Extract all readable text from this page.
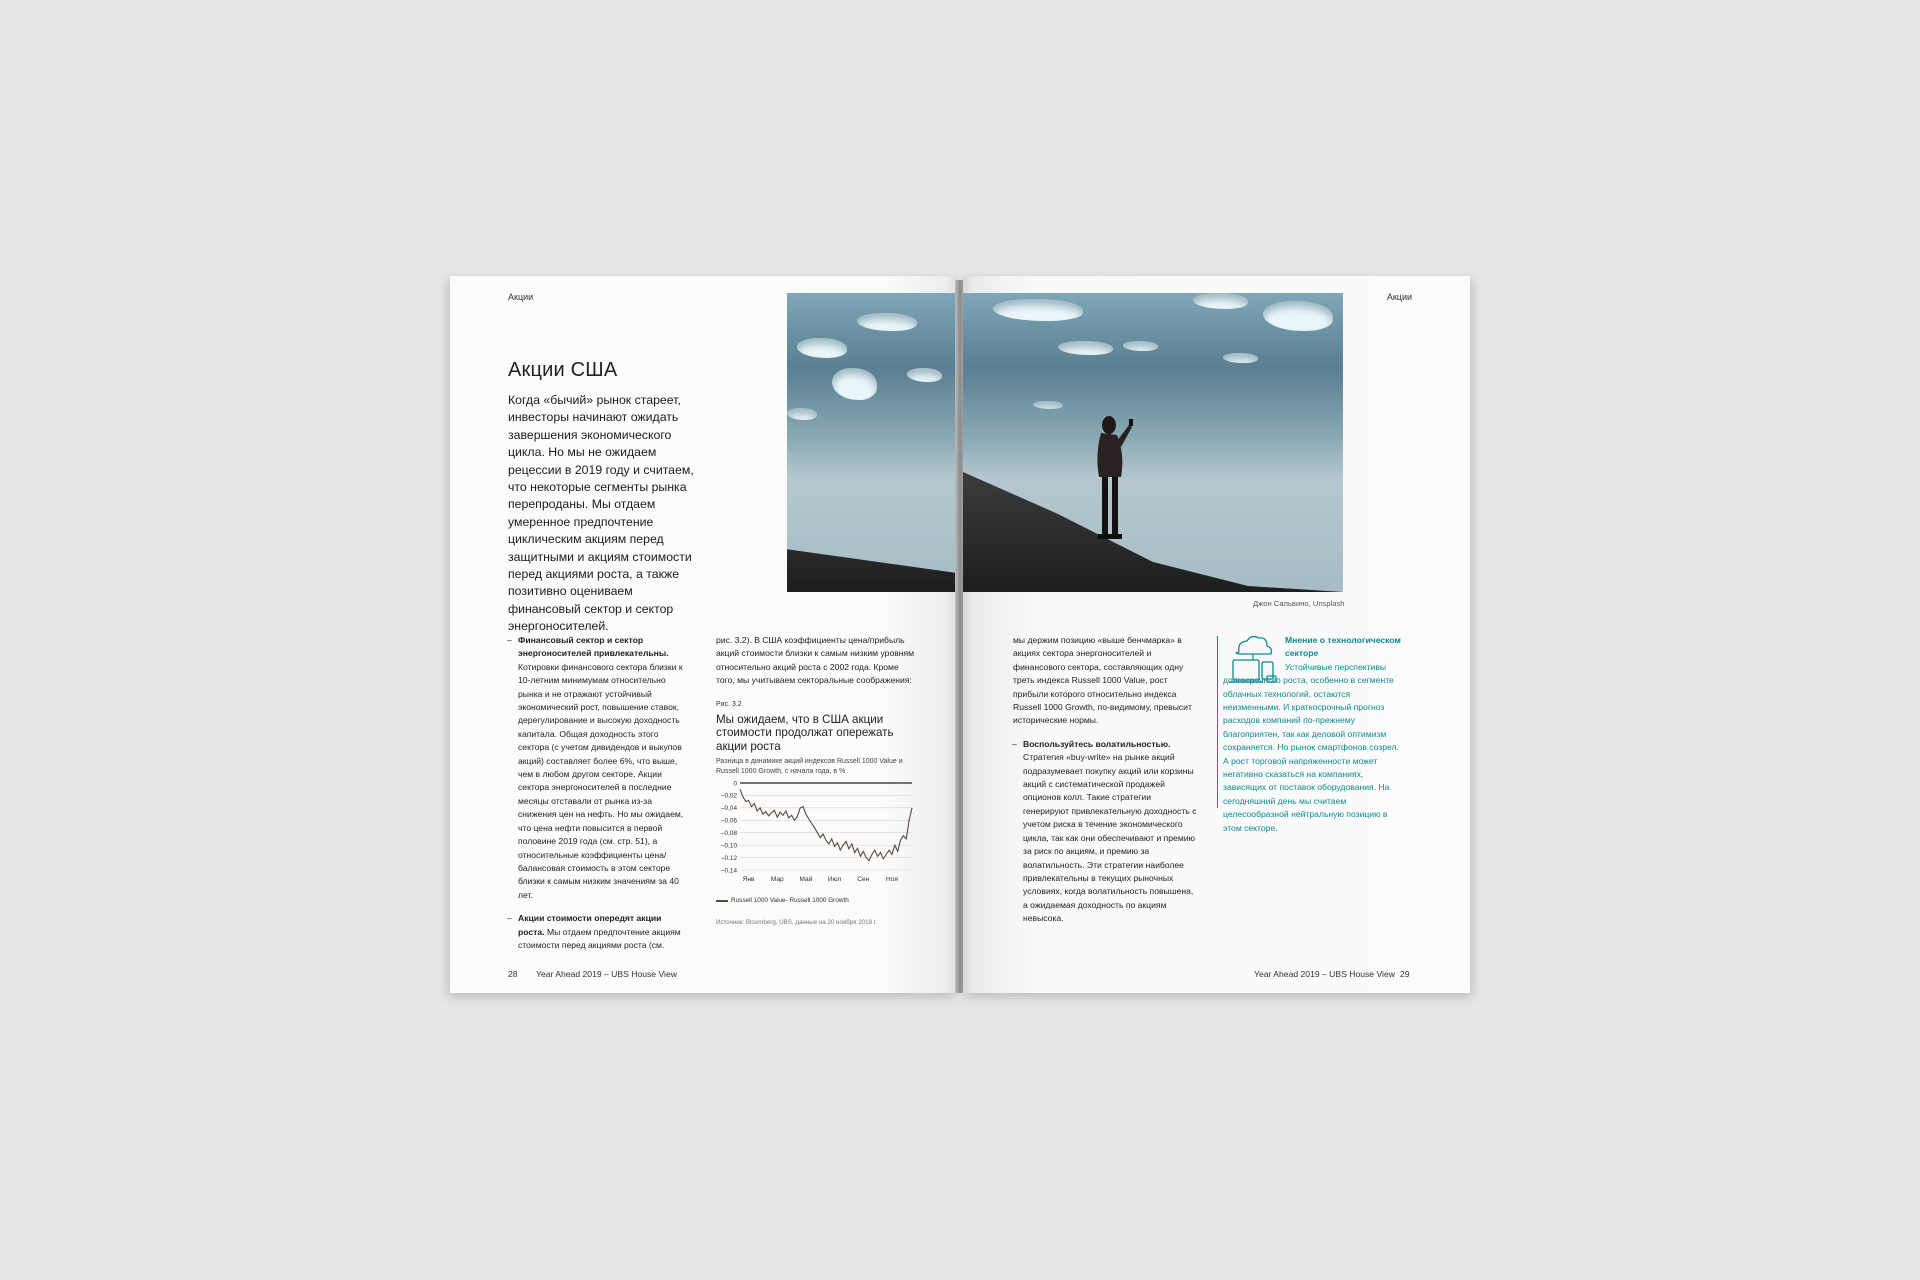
Акции
Акции США
Когда «бычий» рынок стареет, инвесторы начинают ожидать завершения экономического цикла. Но мы не ожидаем рецессии в 2019 году и считаем, что некоторые сегменты рынка перепроданы. Мы отдаем умеренное предпочтение циклическим акциям перед защитными и акциям стоимости перед акциями роста, а также позитивно оцениваем финансовый сектор и сектор энергоносителей.

– Финансовый сектор и сектор энергоносителей привлекательны. Котировки финансового сектора близки к 10-летним минимумам относительно рынка и не отражают устойчивый экономический рост, повышение ставок, дерегулирование и высокую доходность капитала. Общая доходность этого сектора (с учетом дивидендов и выкупов акций) составляет более 6%, что выше, чем в любом другом секторе. Акции сектора энергоносителей в последние месяцы отставали от рынка из-за снижения цен на нефть. Но мы ожидаем, что цена нефти повысится в первой половине 2019 года (см. стр. 51), а относительные коэффициенты цена/балансовая стоимость в этом секторе близки к самым низким значениям за 40 лет.

– Акции стоимости опередят акции роста. Мы отдаем предпочтение акциям стоимости перед акциями роста (см.

рис. 3.2). В США коэффициенты цена/прибыль акций стоимости близки к самым низким уровням относительно акций роста с 2002 года. Кроме того, мы учитываем секторальные соображения:

Рис. 3.2
Мы ожидаем, что в США акции стоимости продолжат опережать акции роста
Разница в динамике акций индексов Russell 1000 Value и Russell 1000 Growth, с начала года, в %
0
–0,02
–0,04
–0,06
–0,08
–0,10
–0,12
–0,14
Янв Мар Май Июл Сен	Ноя
Russell 1000 Value- Russell 1000 Growth
Источник: Bloomberg, UBS, данные на 20 ноября 2018 г.
28 Year Ahead 2019 – UBS House View
Акции
Джон Сальвино, Unsplash

мы держим позицию «выше бенчмарка» в акциях сектора энергоносителей и финансового сектора, составляющих одну треть индекса Russell 1000 Value, рост прибыли которого относительно индекса Russell 1000 Growth, по-видимому, превысит исторические нормы.

– Воспользуйтесь волатильностью. Стратегия «buy-write» на рынке акций подразумевает покупку акций или корзины акций с систематической продажей опционов колл. Такие стратегии генерируют привлекательную доходность с учетом риска в течение экономического цикла, так как они обеспечивают и премию за риск по акциям, и премию за волатильность. Эти стратегии наиболее привлекательны в текущих рыночных условиях, когда волатильность повышена, а ожидаемая доходность по акциям невысока.

Мнение о технологическом секторе
Устойчивые перспективы долгосрочного роста, особенно в сегменте облачных технологий, остаются неизменными. И краткосрочный прогноз расходов компаний по-прежнему благоприятен, так как деловой оптимизм сохраняется. Но рынок смартфонов созрел. А рост торговой напряженности может негативно сказаться на компаниях, зависящих от поставок оборудования. На сегодняшний день мы считаем целесообразной нейтральную позицию в этом секторе.
Year Ahead 2019 – UBS House View 29
